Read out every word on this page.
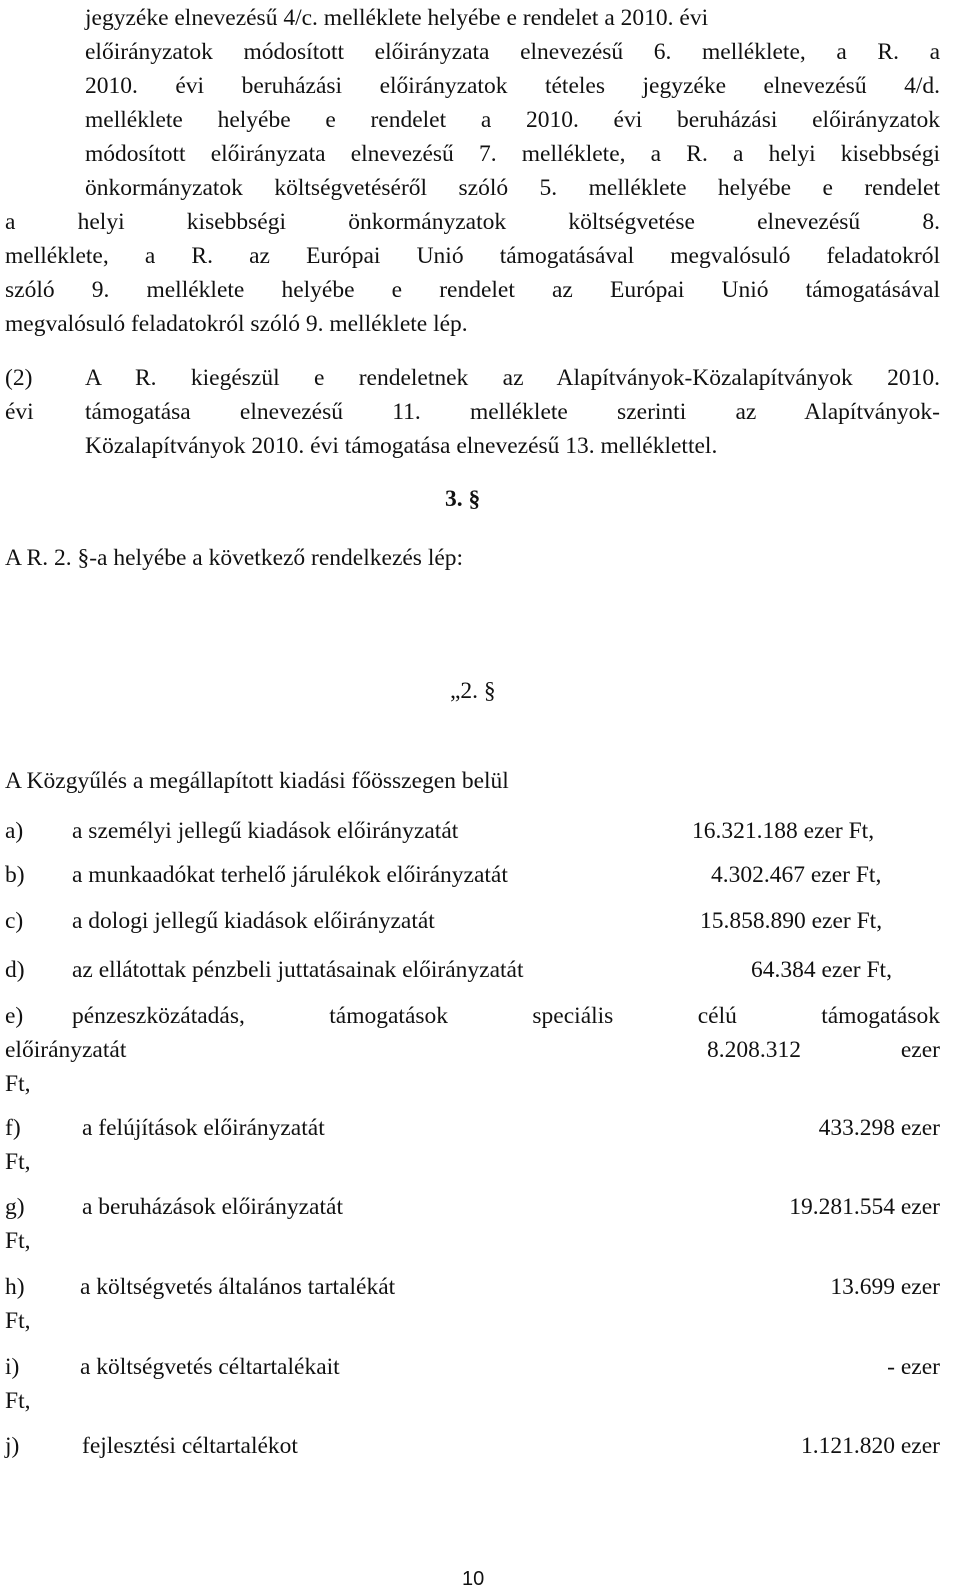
jegyzéke elnevezésű 4/c. melléklete helyébe e rendelet a 2010. évi
előirányzatok módosított előirányzata elnevezésű 6. melléklete, a R. a
2010. évi beruházási előirányzatok tételes jegyzéke elnevezésű 4/d.
melléklete helyébe e rendelet a 2010. évi beruházási előirányzatok
módosított előirányzata elnevezésű 7. melléklete, a R. a helyi kisebbségi
önkormányzatok költségvetéséről szóló 5. melléklete helyébe e rendelet
a helyi kisebbségi önkormányzatok költségvetése elnevezésű 8.
melléklete, a R. az Európai Unió támogatásával megvalósuló feladatokról
szóló 9. melléklete helyébe e rendelet az Európai Unió támogatásával
megvalósuló feladatokról szóló 9. melléklete lép.
(2) A R. kiegészül e rendeletnek az Alapítványok-Közalapítványok 2010.
évi támogatása elnevezésű 11. melléklete szerinti az Alapítványok-
Közalapítványok 2010. évi támogatása elnevezésű 13. melléklettel.
3. §
A R. 2. §-a helyébe a következő rendelkezés lép:
„2. §
A Közgyűlés a megállapított kiadási főösszegen belül
a) a személyi jellegű kiadások előirányzatát	16.321.188 ezer Ft,
b) a munkaadókat terhelő járulékok előirányzatát	4.302.467 ezer Ft,
c) a dologi jellegű kiadások előirányzatát	15.858.890 ezer Ft,
d) az ellátottak pénzbeli juttatásainak előirányzatát	64.384 ezer Ft,
e) pénzeszközátadás, támogatások speciális célú támogatások
előirányzatát	8.208.312 ezer
Ft,
f)	a felújítások előirányzatát	433.298 ezer
Ft,
g) a beruházások előirányzatát	19.281.554 ezer
Ft,
h) a költségvetés általános tartalékát	13.699 ezer
Ft,
i)	a költségvetés céltartalékait	- ezer
Ft,
j)	fejlesztési céltartalékot	1.121.820 ezer
10
